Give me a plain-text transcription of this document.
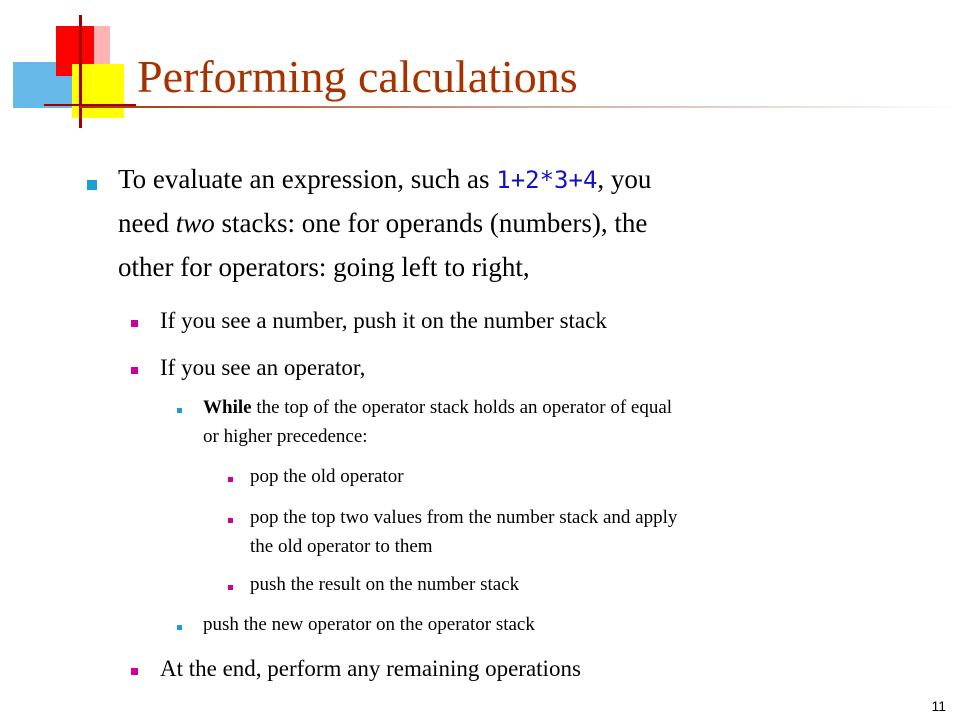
Performing calculations
To evaluate an expression, such as 1+2*3+4, you
need two stacks: one for operands (numbers), the
other for operators: going left to right,
If you see a number, push it on the number stack
If you see an operator,
While the top of the operator stack holds an operator of equal
or higher precedence:
pop the old operator
pop the top two values from the number stack and apply
the old operator to them
push the result on the number stack
push the new operator on the operator stack
At the end, perform any remaining operations
11
